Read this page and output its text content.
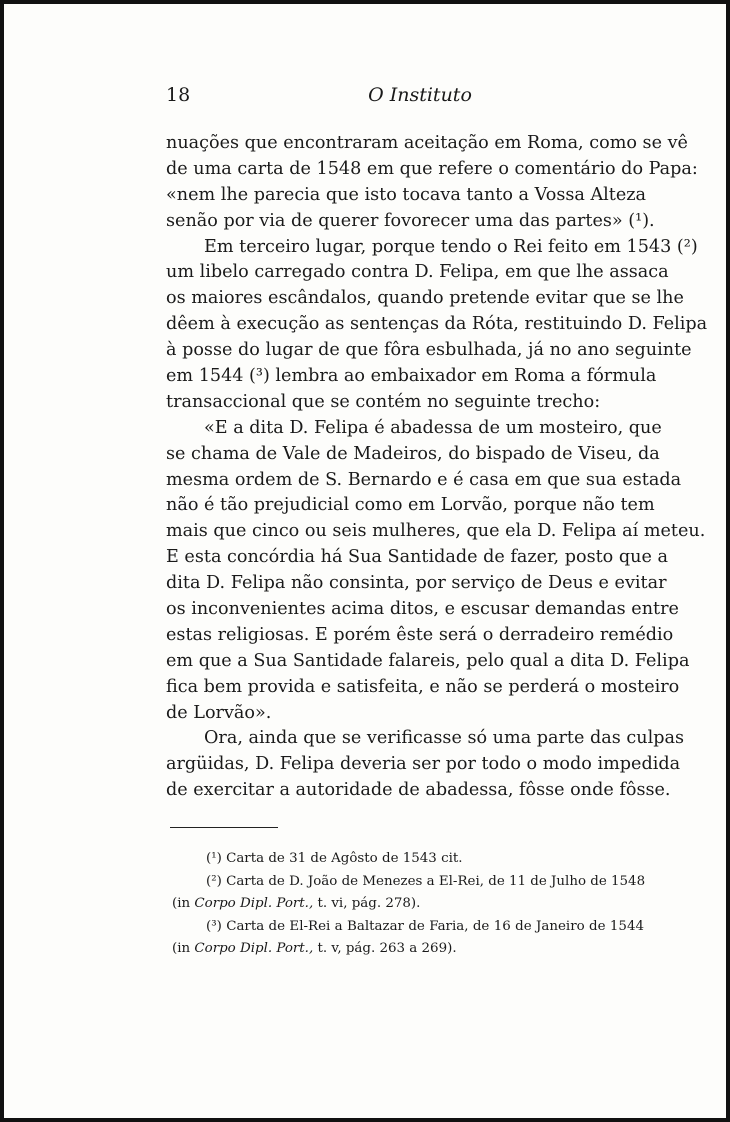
18	O Instituto
nuações que encontraram aceitação em Roma, como se vê
de uma carta de 1548 em que refere o comentário do Papa:
«nem lhe parecia que isto tocava tanto a Vossa Alteza
senão por via de querer fovorecer uma das partes» (¹).
Em terceiro lugar, porque tendo o Rei feito em 1543 (²)
um libelo carregado contra D. Felipa, em que lhe assaca
os maiores escândalos, quando pretende evitar que se lhe
dêem à execução as sentenças da Róta, restituindo D. Felipa
à posse do lugar de que fôra esbulhada, já no ano seguinte
em 1544 (³) lembra ao embaixador em Roma a fórmula
transaccional que se contém no seguinte trecho:
«E a dita D. Felipa é abadessa de um mosteiro, que
se chama de Vale de Madeiros, do bispado de Viseu, da
mesma ordem de S. Bernardo e é casa em que sua estada
não é tão prejudicial como em Lorvão, porque não tem
mais que cinco ou seis mulheres, que ela D. Felipa aí meteu.
E esta concórdia há Sua Santidade de fazer, posto que a
dita D. Felipa não consinta, por serviço de Deus e evitar
os inconvenientes acima ditos, e escusar demandas entre
estas religiosas. E porém êste será o derradeiro remédio
em que a Sua Santidade falareis, pelo qual a dita D. Felipa
fica bem provida e satisfeita, e não se perderá o mosteiro
de Lorvão».
Ora, ainda que se verificasse só uma parte das culpas
argüidas, D. Felipa deveria ser por todo o modo impedida
de exercitar a autoridade de abadessa, fôsse onde fôsse.
(¹) Carta de 31 de Agôsto de 1543 cit.
(²) Carta de D. João de Menezes a El-Rei, de 11 de Julho de 1548
(in Corpo Dipl. Port., t. vi, pág. 278).
(³) Carta de El-Rei a Baltazar de Faria, de 16 de Janeiro de 1544
(in Corpo Dipl. Port., t. v, pág. 263 a 269).
